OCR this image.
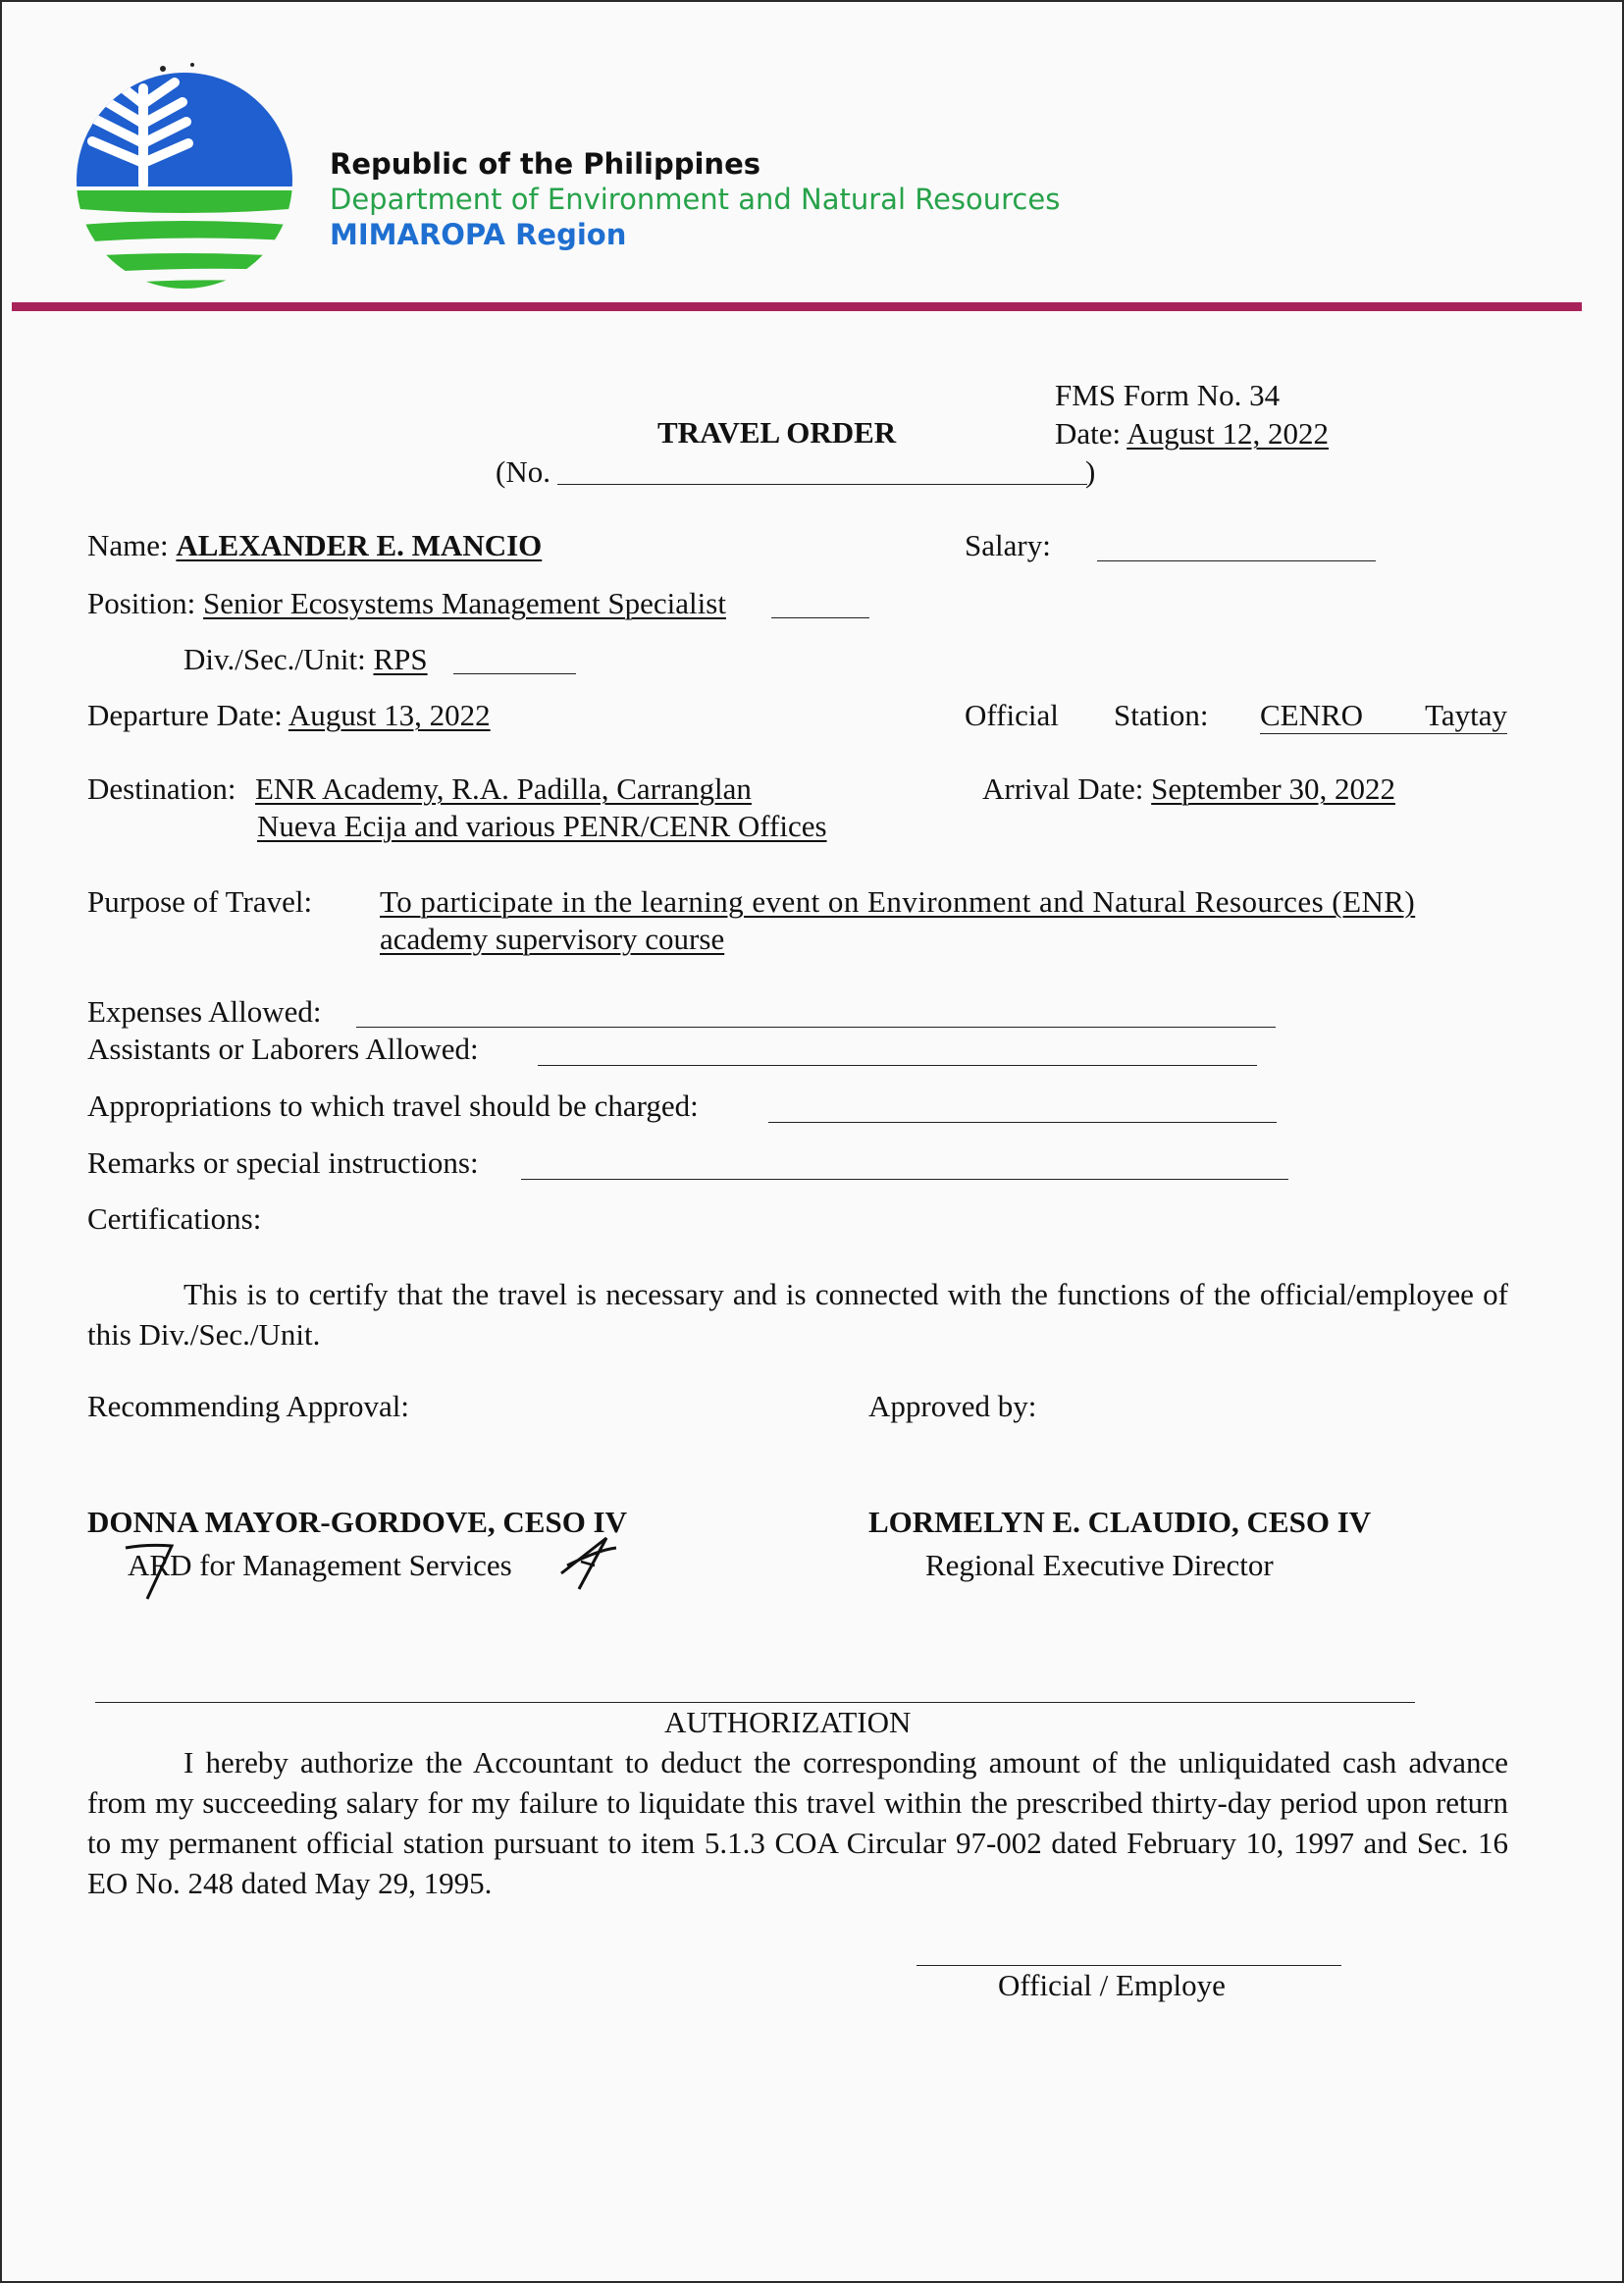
Republic of the Philippines
Department of Environment and Natural Resources
MIMAROPA Region
FMS Form No. 34
Date: August 12, 2022
TRAVEL ORDER
(No.	)
Name: ALEXANDER E. MANCIO	Salary:
Position: Senior Ecosystems Management Specialist
Div./Sec./Unit: RPS
Departure Date: August 13, 2022	Official Station: CENRO Taytay
Destination: ENR Academy, R.A. Padilla, Carranglan
Nueva Ecija and various PENR/CENR Offices
Arrival Date: September 30, 2022
Purpose of Travel: To participate in the learning event on Environment and Natural Resources (ENR)
academy supervisory course
Expenses Allowed:
Assistants or Laborers Allowed:
Appropriations to which travel should be charged:
Remarks or special instructions:
Certifications:
This is to certify that the travel is necessary and is connected with the functions of the official/employee of this Div./Sec./Unit.
Recommending Approval:	Approved by:
DONNA MAYOR-GORDOVE, CESO IV
ARD for Management Services
LORMELYN E. CLAUDIO, CESO IV
Regional Executive Director
AUTHORIZATION
I hereby authorize the Accountant to deduct the corresponding amount of the unliquidated cash advance from my succeeding salary for my failure to liquidate this travel within the prescribed thirty-day period upon return to my permanent official station pursuant to item 5.1.3 COA Circular 97-002 dated February 10, 1997 and Sec. 16 EO No. 248 dated May 29, 1995.
Official / Employe
